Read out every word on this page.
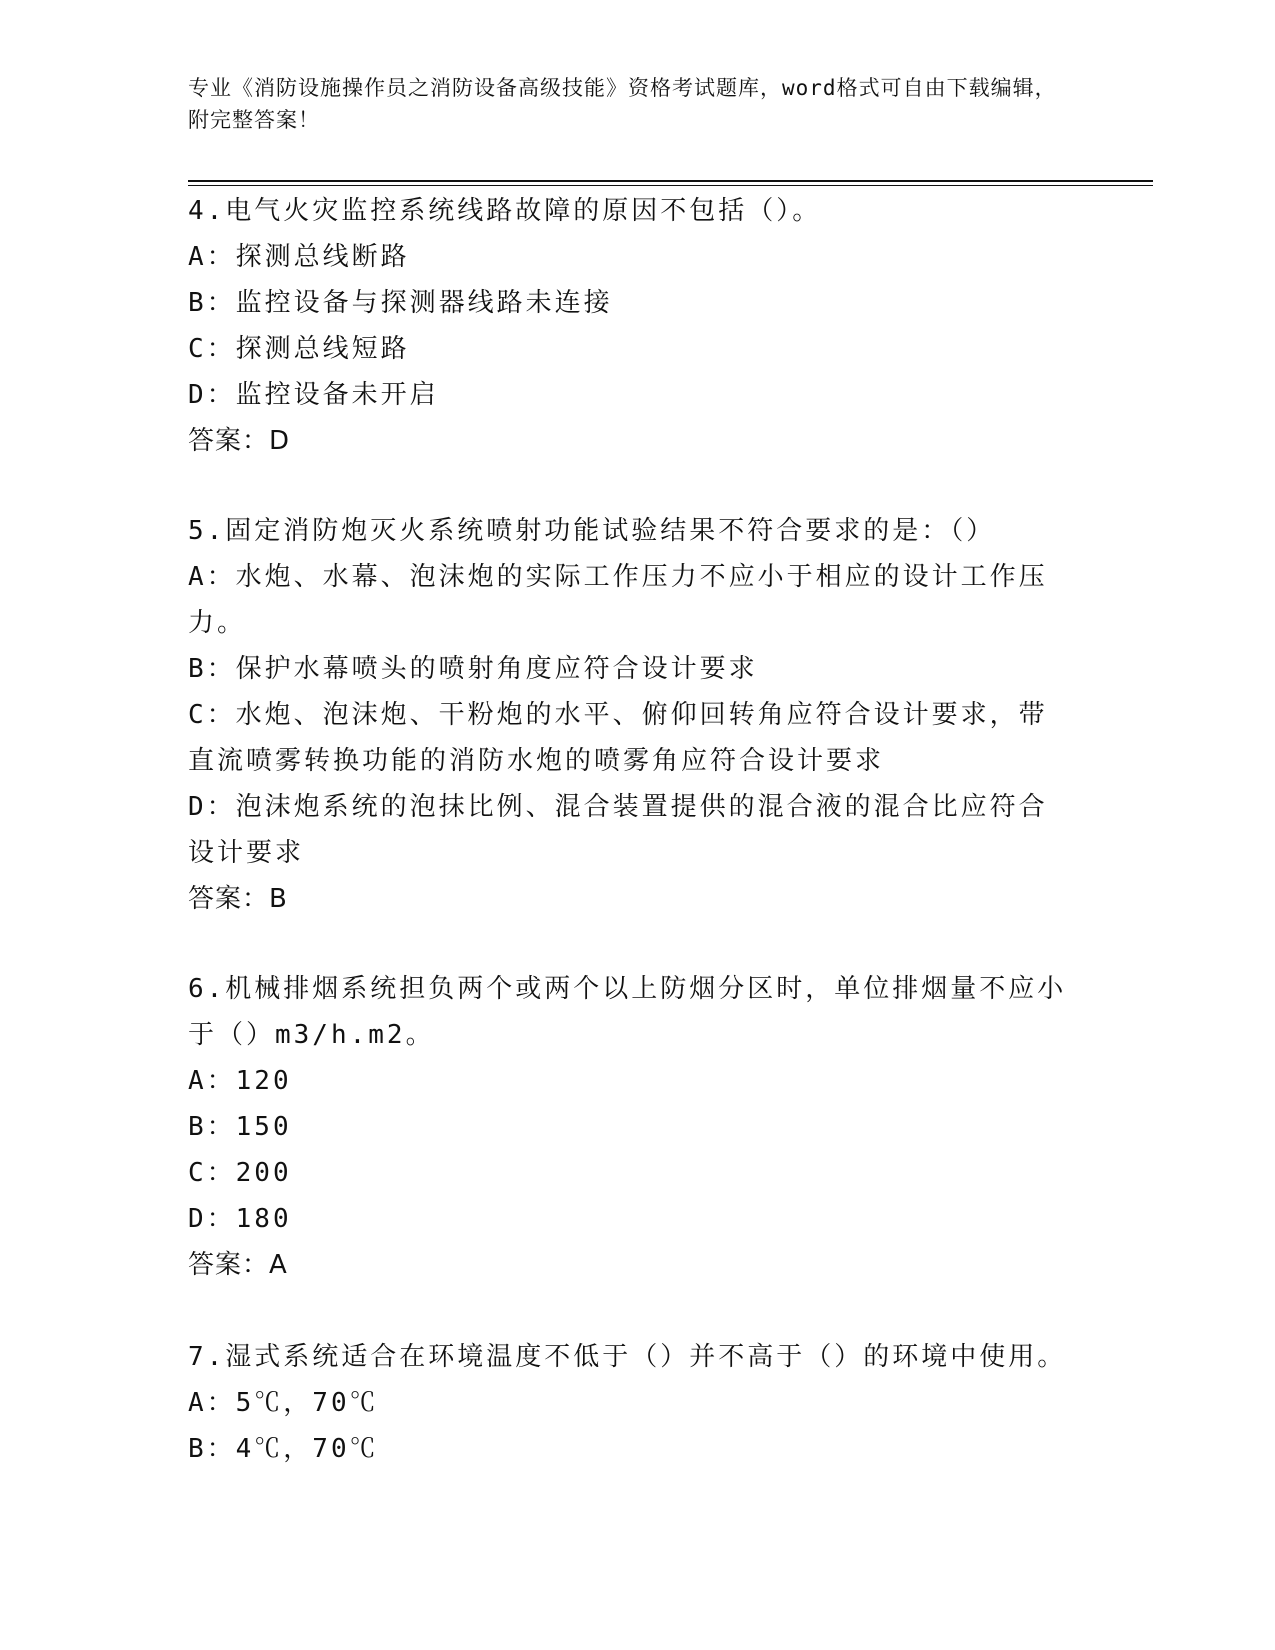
专业《消防设施操作员之消防设备高级技能》资格考试题库，word格式可自由下载编辑，附完整答案！
4.电气火灾监控系统线路故障的原因不包括（）。
A：探测总线断路
B：监控设备与探测器线路未连接
C：探测总线短路
D：监控设备未开启
答案：D
5.固定消防炮灭火系统喷射功能试验结果不符合要求的是：（）
A：水炮、水幕、泡沫炮的实际工作压力不应小于相应的设计工作压力。
B：保护水幕喷头的喷射角度应符合设计要求
C：水炮、泡沫炮、干粉炮的水平、俯仰回转角应符合设计要求，带直流喷雾转换功能的消防水炮的喷雾角应符合设计要求
D：泡沫炮系统的泡抹比例、混合装置提供的混合液的混合比应符合设计要求
答案：B
6.机械排烟系统担负两个或两个以上防烟分区时，单位排烟量不应小于（）m3/h.m2。
A：120
B：150
C：200
D：180
答案：A
7.湿式系统适合在环境温度不低于（）并不高于（）的环境中使用。
A：5℃，70℃
B：4℃，70℃
